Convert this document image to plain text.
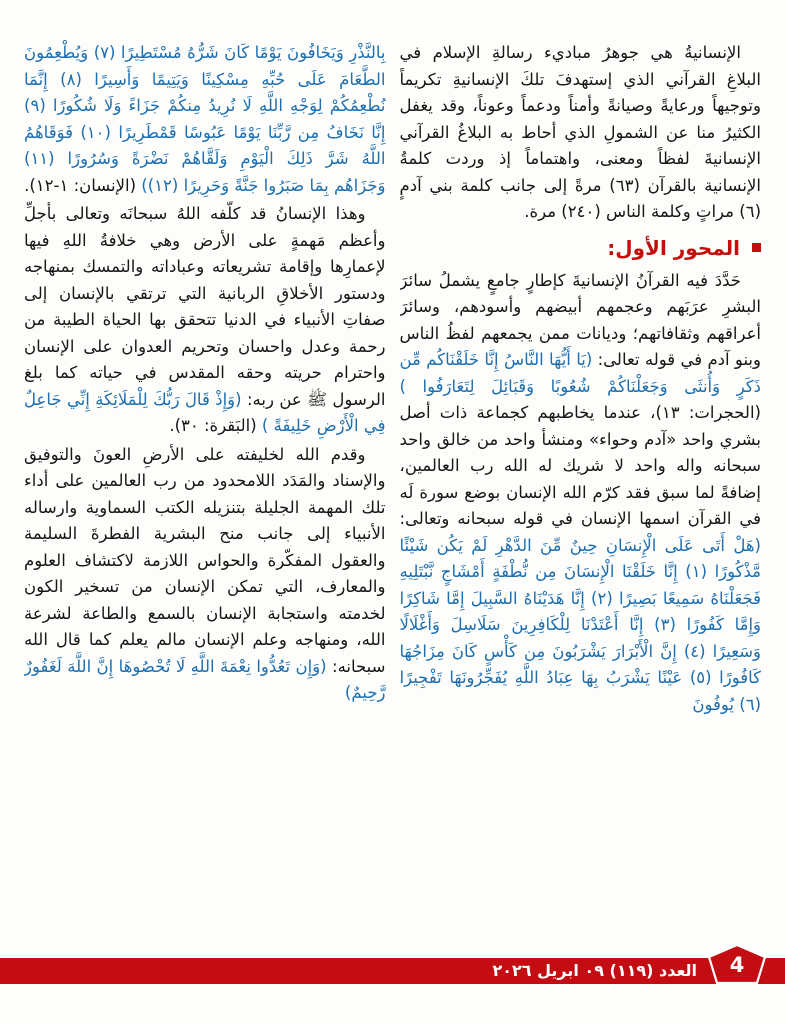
الإنسانيةُ هي جوهرُ مباديء رسالةِ الإسلام في البلاغِ القرآني الذي إستهدفَ تلكَ الإنسانيةِ تكريماً وتوجيهاً ورعايةً وصيانةً وأمناً ودعماً وعوناً، وقد يغفل الكثيرُ منا عن الشمولِ الذي أحاط به البلاغُ القرآني الإنسانيةَ لفظاً ومعنى، واهتماماً إذ وردت كلمةُ الإنسانية بالقرآن (٦٣) مرةً إلى جانب كلمة بني آدمٍ (٦) مراتٍ وكلمة الناس (٢٤٠) مرة.

المحور الأول:

حَدَّدَ فيه القرآنُ الإنسانيةَ كإطارٍ جامعٍ يشملُ سائرَ البشرِ عرَبَهم وعجمهم أبيضهم وأسودهم، وسائرَ أعراقهم وثقافاتهم؛ وديانات ممن يجمعهم لفظُ الناس وبنو آدم في قوله تعالى: (يَا أَيُّهَا النَّاسُ إِنَّا خَلَقْنَاكُم مِّن ذَكَرٍ وَأُنثَى وَجَعَلْنَاكُمْ شُعُوبًا وَقَبَائِلَ لِتَعَارَفُوا ) (الحجرات: ١٣)، عندما يخاطبهم كجماعة ذات أصل بشري واحد «آدم وحواء» ومنشأ واحد من خالق واحد سبحانه واله واحد لا شريك له الله رب العالمين، إضافةً لما سبق فقد كرّم الله الإنسان بوضع سورة لَه في القرآن اسمها الإنسان في قوله سبحانه وتعالى: (هَلْ أَتَى عَلَى الْإِنسَانِ حِينٌ مِّنَ الدَّهْرِ لَمْ يَكُن شَيْئًا مَّذْكُورًا (١) إِنَّا خَلَقْنَا الْإِنسَانَ مِن نُّطْفَةٍ أَمْشَاجٍ نَّبْتَلِيهِ فَجَعَلْنَاهُ سَمِيعًا بَصِيرًا (٢) إِنَّا هَدَيْنَاهُ السَّبِيلَ إِمَّا شَاكِرًا وَإِمَّا كَفُورًا (٣) إِنَّا أَعْتَدْنَا لِلْكَافِرِينَ سَلَاسِلَ وَأَغْلَالًا وَسَعِيرًا (٤) إِنَّ الْأَبْرَارَ يَشْرَبُونَ مِن كَأْسٍ كَانَ مِزَاجُهَا كَافُورًا (٥) عَيْنًا يَشْرَبُ بِهَا عِبَادُ اللَّهِ يُفَجِّرُونَهَا تَفْجِيرًا (٦) يُوفُونَ

بِالنَّذْرِ وَيَخَافُونَ يَوْمًا كَانَ شَرُّهُ مُسْتَطِيرًا (٧) وَيُطْعِمُونَ الطَّعَامَ عَلَى حُبِّهِ مِسْكِينًا وَيَتِيمًا وَأَسِيرًا (٨) إِنَّمَا نُطْعِمُكُمْ لِوَجْهِ اللَّهِ لَا نُرِيدُ مِنكُمْ جَزَاءً وَلَا شُكُورًا (٩) إِنَّا نَخَافُ مِن رَّبِّنَا يَوْمًا عَبُوسًا قَمْطَرِيرًا (١٠) فَوَقَاهُمُ اللَّهُ شَرَّ ذَلِكَ الْيَوْمِ وَلَقَّاهُمْ نَضْرَةً وَسُرُورًا (١١) وَجَزَاهُم بِمَا صَبَرُوا جَنَّةً وَحَرِيرًا (١٢)) (الإنسان: ١-١٢).

وهذا الإنسانُ قد كلّفه اللهُ سبحانَه وتعالى بأجلِّ وأعظم مَهمةٍ على الأرض وهي خلافةُ اللهِ فيها لإعمارِها وإقامة تشريعاته وعباداته والتمسك بمنهاجه ودستور الأخلاقِ الربانية التي ترتقي بالإنسان إلى صفاتِ الأنبياء في الدنيا تتحقق بها الحياة الطيبة من رحمة وعدل واحسان وتحريم العدوان على الإنسان واحترام حريته وحقه المقدس في حياته كما بلغ الرسول ﷺ عن ربه: (وَإِذْ قَالَ رَبُّكَ لِلْمَلَائِكَةِ إِنِّي جَاعِلٌ فِي الْأَرْضِ خَلِيفَةً ) (البَقرة: ٣٠).

وقدم الله لخليفته على الأرضِ العونَ والتوفيق والإسناد والمَدَد اللامحدود من رب العالمين على أداء تلك المهمة الجليلة بتنزيله الكتب السماوية وارساله الأنبياء إلى جانب منح البشرية الفطرةَ السليمة والعقول المفكّرة والحواس اللازمة لاكتشاف العلوم والمعارف، التي تمكن الإنسان من تسخير الكون لخدمته واستجابة الإنسان بالسمع والطاعة لشرعة الله، ومنهاجه وعلم الإنسان مالم يعلم كما قال الله سبحانه: (وَإِن تَعُدُّوا نِعْمَةَ اللَّهِ لَا تُحْصُوهَا إِنَّ اللَّهَ لَغَفُورٌ رَّحِيمٌ)

العدد (١١٩) ٠٩ ابريل ٢٠٢٦ 4
